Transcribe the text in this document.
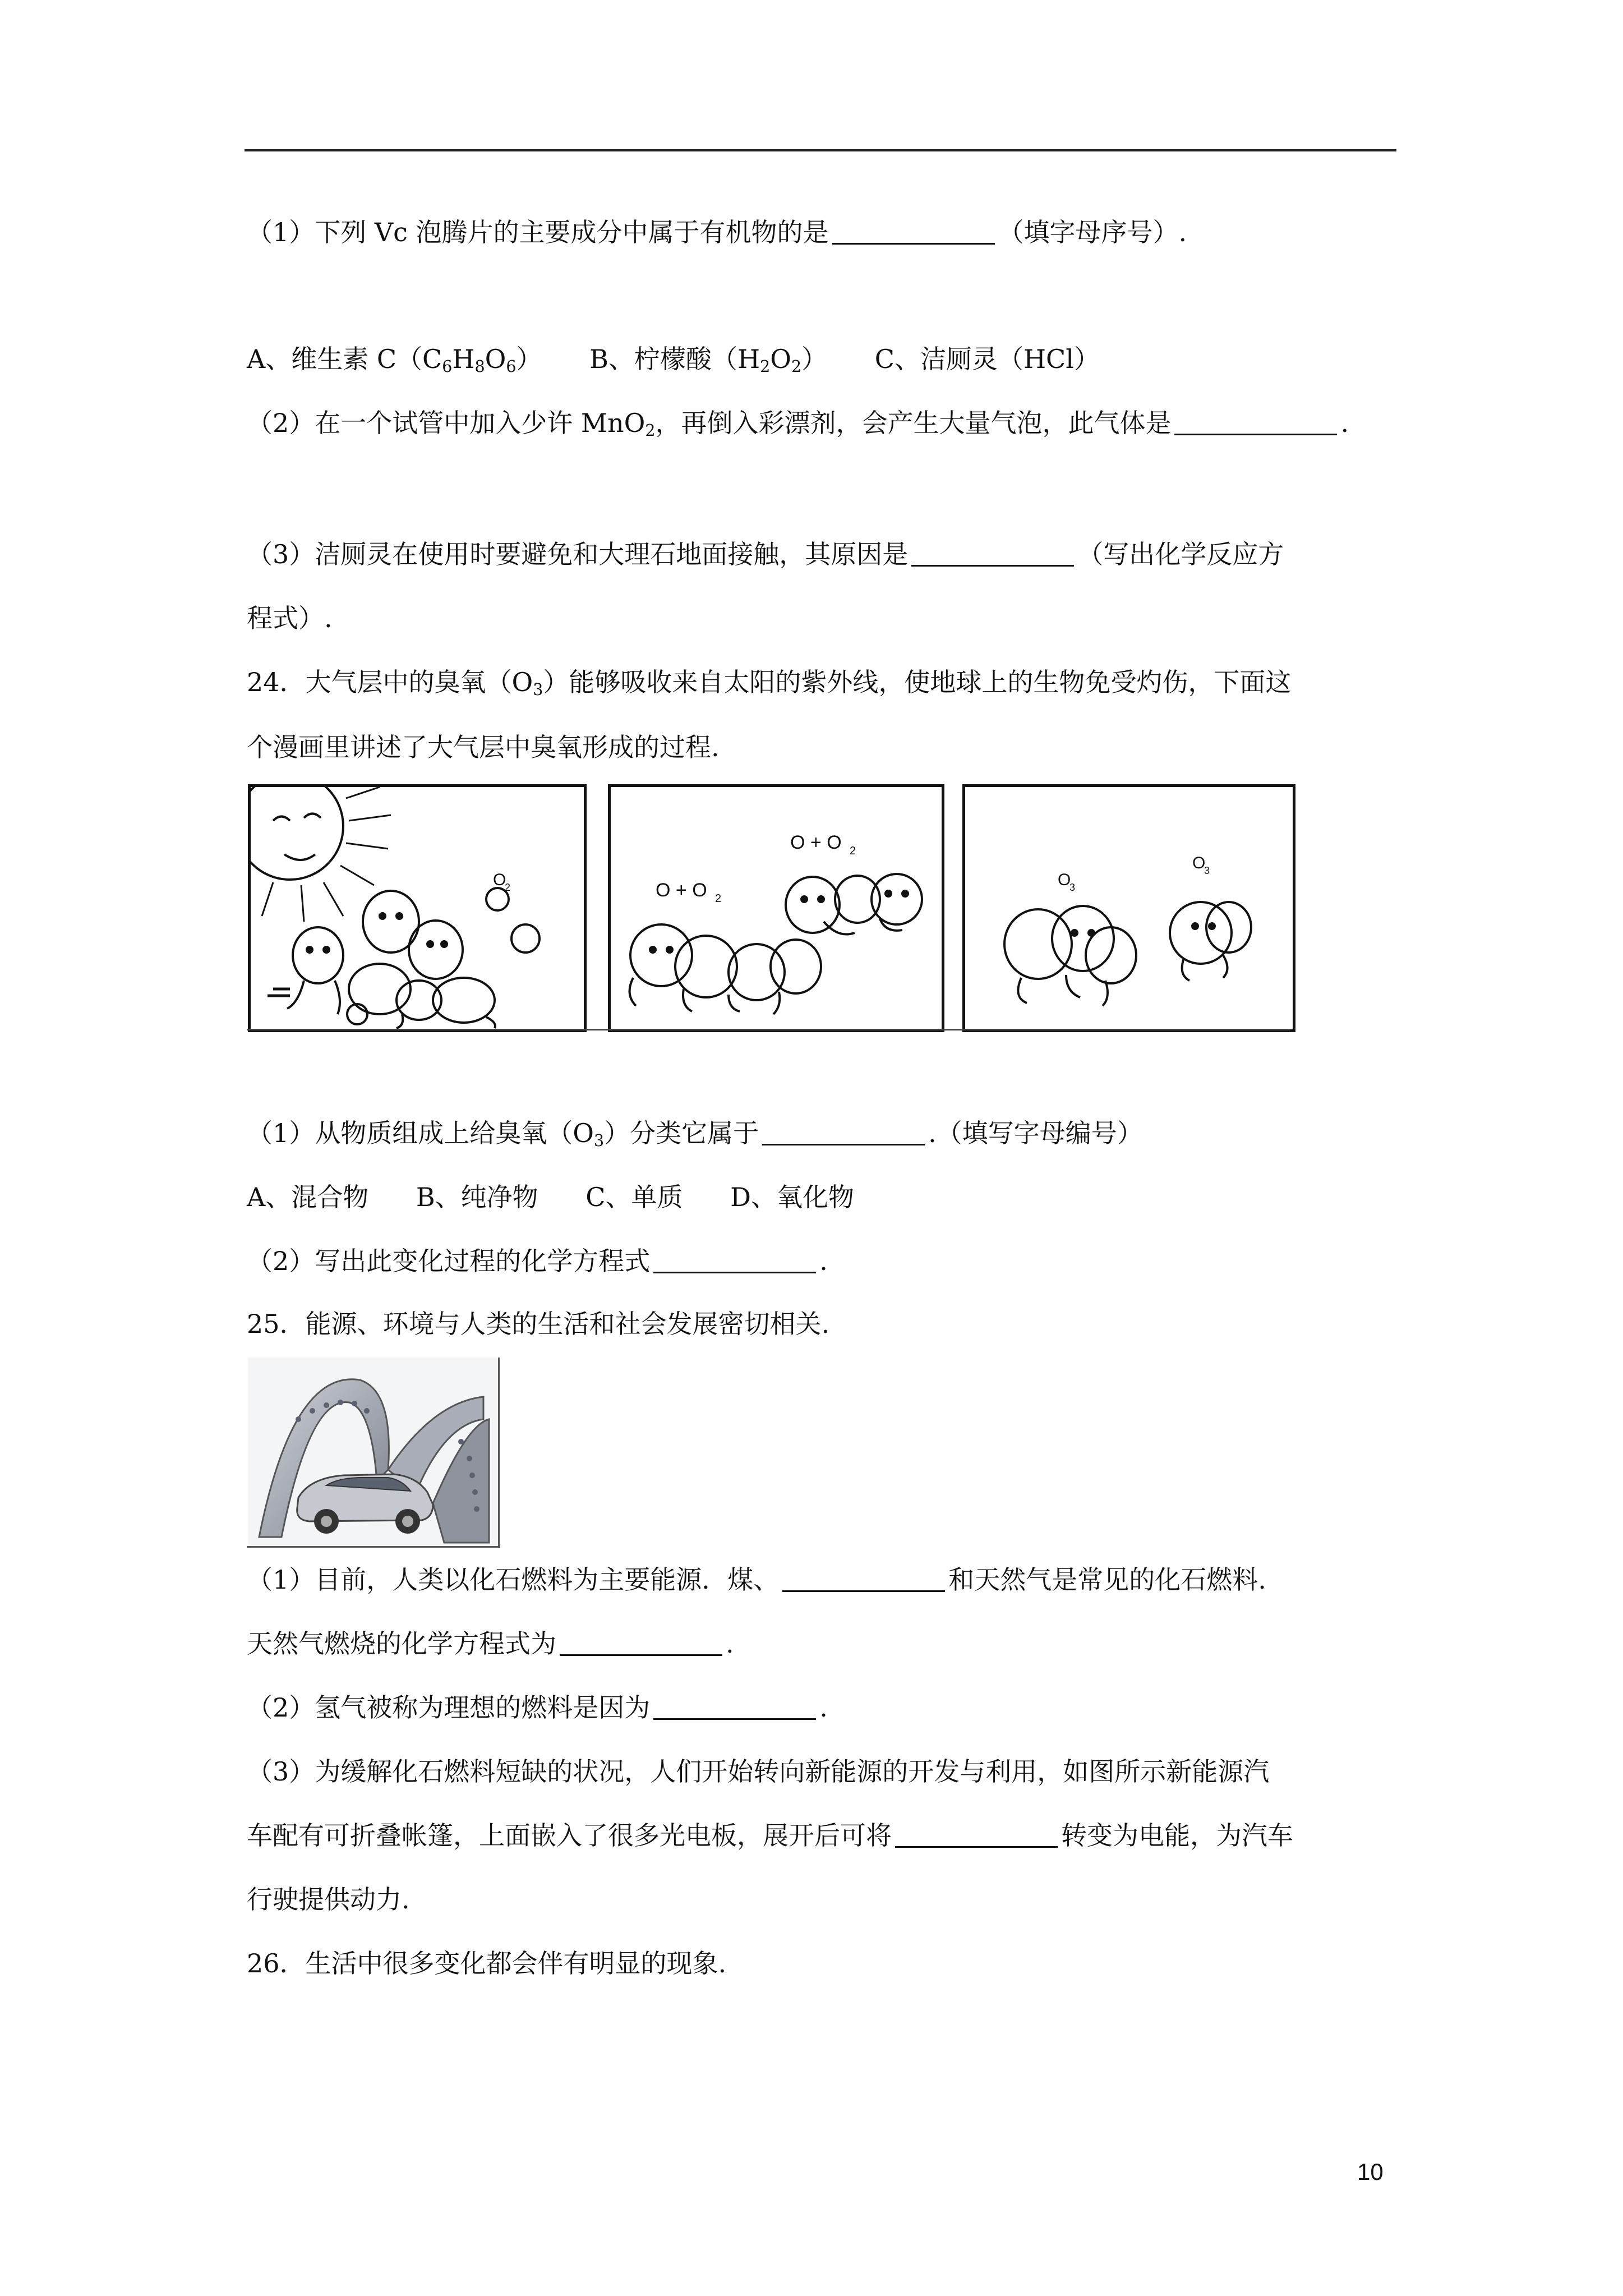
（1）下列 Vc 泡腾片的主要成分中属于有机物的是	（填字母序号）.
A、维生素 $C(C_6H_8O_6)$ B、柠檬酸$(H_2O_2)$ C、洁厕灵（HCl）
（2）在一个试管中加入少许 MnO$_2$，再倒入彩漂剂，会产生大量气泡，此气体是	.
（3）洁厕灵在使用时要避免和大理石地面接触，其原因是	（写出化学反应方
程式）.
24．大气层中的臭氧$(O_3)$能够吸收来自太阳的紫外线，使地球上的生物免受灼伤，下面这
个漫画里讲述了大气层中臭氧形成的过程.
O
2	O + O 2
O + O 2
O
3
O
3
（1）从物质组成上给臭氧$(O_3)$分类它属于	.（填写字母编号）
A、混合物 B、纯净物 C、单质 D、氧化物
（2）写出此变化过程的化学方程式	.
25．能源、环境与人类的生活和社会发展密切相关.
（1）目前，人类以化石燃料为主要能源．煤、	和天然气是常见的化石燃料.
天然气燃烧的化学方程式为	.
（2）氢气被称为理想的燃料是因为	.
（3）为缓解化石燃料短缺的状况，人们开始转向新能源的开发与利用，如图所示新能源汽
车配有可折叠帐篷，上面嵌入了很多光电板，展开后可将	转变为电能，为汽车
行驶提供动力.
26．生活中很多变化都会伴有明显的现象.
10
